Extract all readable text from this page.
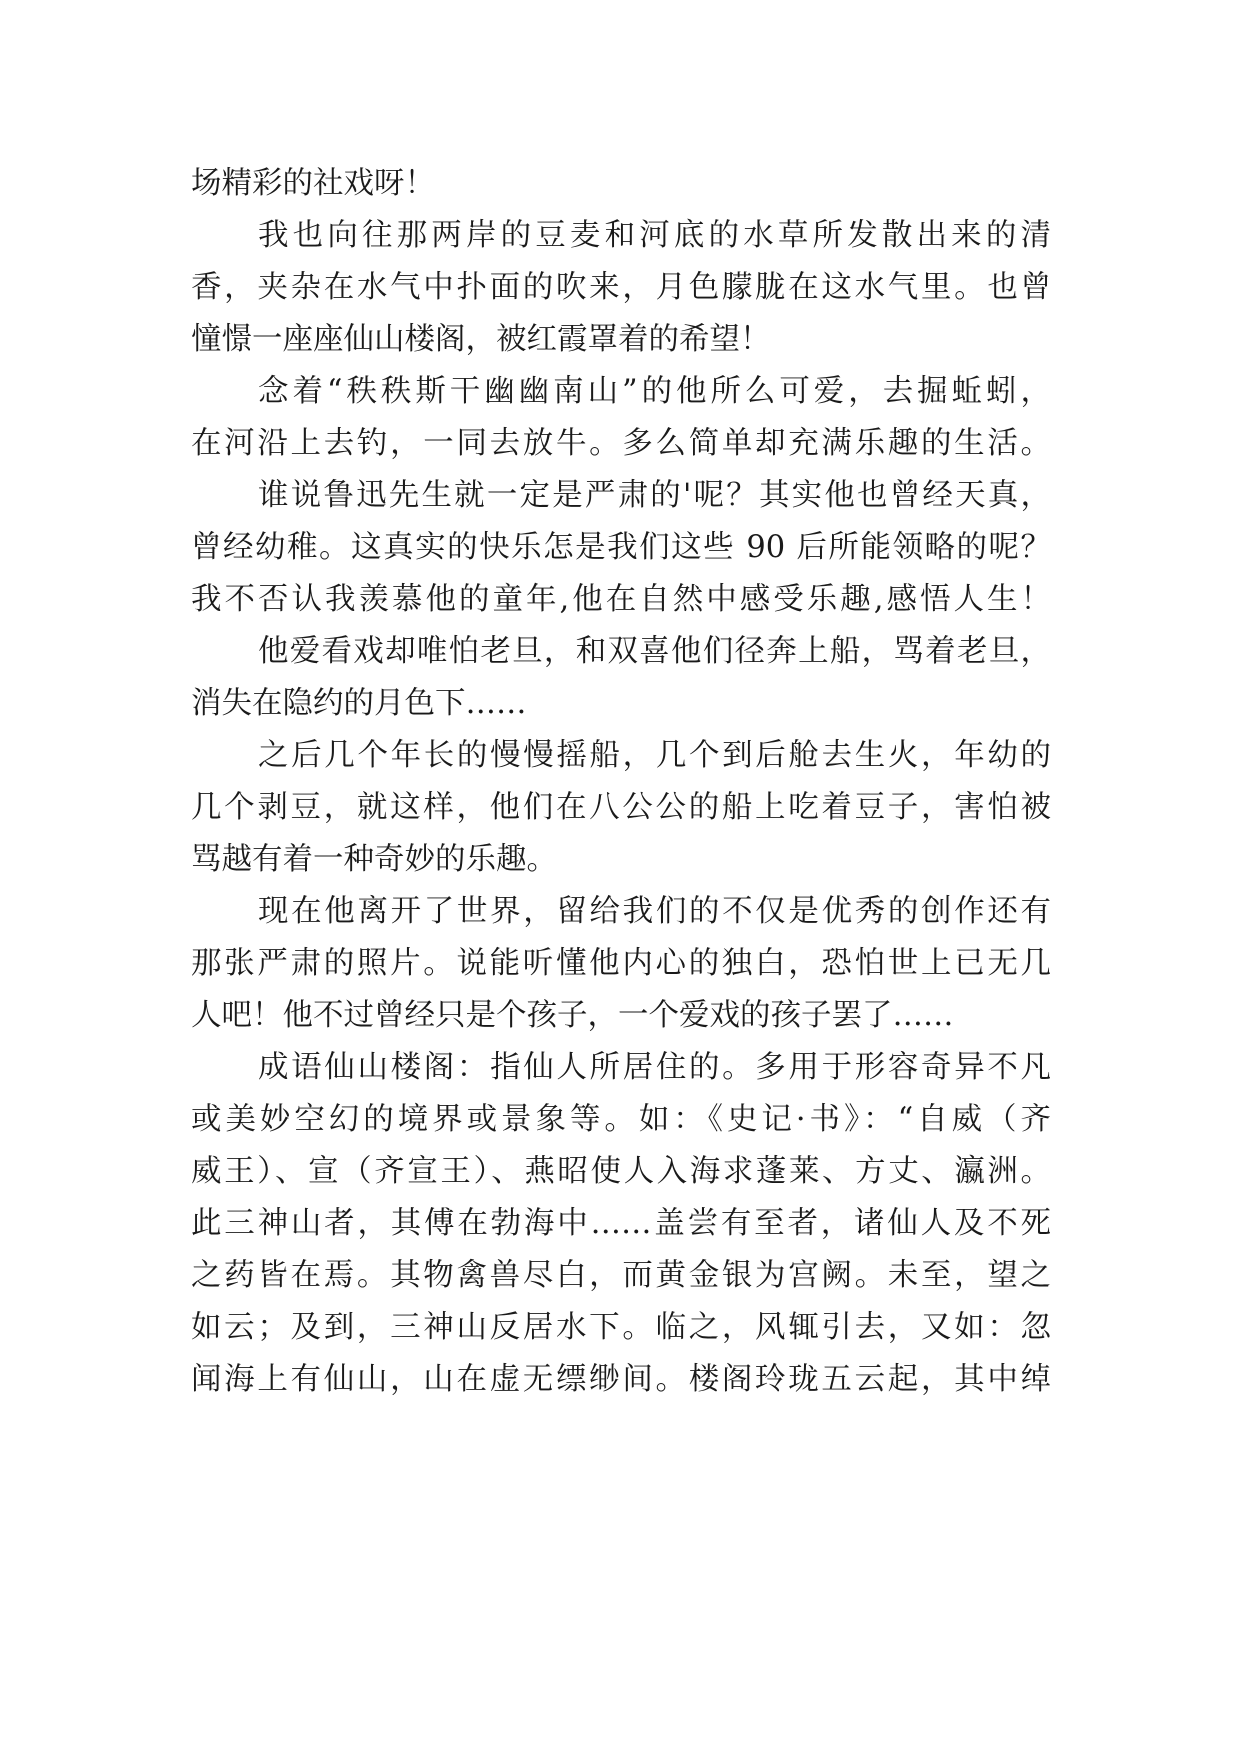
场精彩的社戏呀！
我也向往那两岸的豆麦和河底的水草所发散出来的清
香，夹杂在水气中扑面的吹来，月色朦胧在这水气里。也曾
憧憬一座座仙山楼阁，被红霞罩着的希望！
念着“秩秩斯干幽幽南山”的他所么可爱，去掘蚯蚓，
在河沿上去钓，一同去放牛。多么简单却充满乐趣的生活。
谁说鲁迅先生就一定是严肃的'呢？其实他也曾经天真，
曾经幼稚。这真实的快乐怎是我们这些 90 后所能领略的呢？
我不否认我羡慕他的童年,他在自然中感受乐趣,感悟人生！
他爱看戏却唯怕老旦，和双喜他们径奔上船，骂着老旦，
消失在隐约的月色下……
之后几个年长的慢慢摇船，几个到后舱去生火，年幼的
几个剥豆，就这样，他们在八公公的船上吃着豆子，害怕被
骂越有着一种奇妙的乐趣。
现在他离开了世界，留给我们的不仅是优秀的创作还有
那张严肃的照片。说能听懂他内心的独白，恐怕世上已无几
人吧！他不过曾经只是个孩子，一个爱戏的孩子罢了……
成语仙山楼阁：指仙人所居住的。多用于形容奇异不凡
或美妙空幻的境界或景象等。如：《史记·书》：“自威（齐
威王）、宣（齐宣王）、燕昭使人入海求蓬莱、方丈、瀛洲。
此三神山者，其傅在勃海中……盖尝有至者，诸仙人及不死
之药皆在焉。其物禽兽尽白，而黄金银为宫阙。未至，望之
如云；及到，三神山反居水下。临之，风辄引去，又如：忽
闻海上有仙山，山在虚无缥缈间。楼阁玲珑五云起，其中绰
